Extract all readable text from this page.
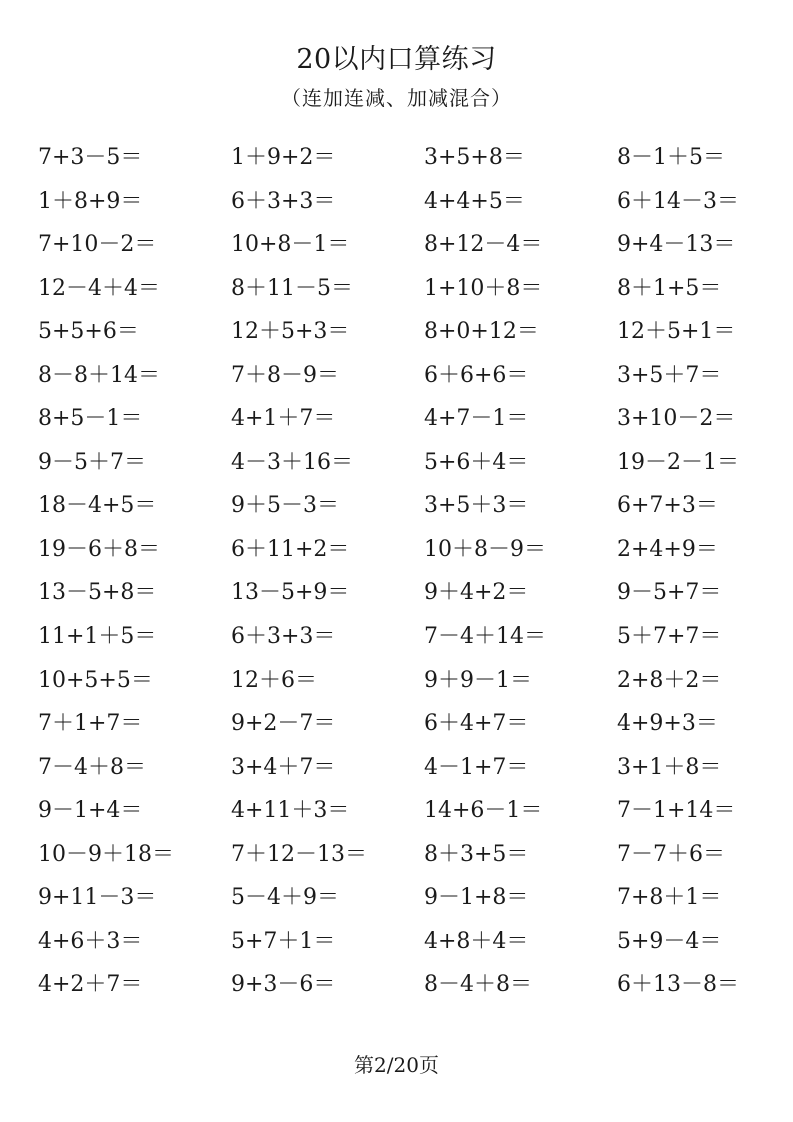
20以内口算练习
（连加连减、加减混合）
7+3－5＝	1＋9+2＝	3+5+8＝	8－1＋5＝
1＋8+9＝	6＋3+3＝	4+4+5＝	6＋14－3＝
7+10－2＝	10+8－1＝	8+12－4＝	9+4－13＝
12－4＋4＝	8＋11－5＝	1+10＋8＝	8＋1+5＝
5+5+6＝	12＋5+3＝	8+0+12＝	12＋5+1＝
8－8＋14＝	7＋8－9＝	6＋6+6＝	3+5＋7＝
8+5－1＝	4+1＋7＝	4+7－1＝	3+10－2＝
9－5＋7＝	4－3＋16＝	5+6＋4＝	19－2－1＝
18－4+5＝	9＋5－3＝	3+5＋3＝	6+7+3＝
19－6＋8＝	6＋11+2＝	10＋8－9＝	2+4+9＝
13－5+8＝	13－5+9＝	9＋4+2＝	9－5+7＝
11+1＋5＝	6＋3+3＝	7－4＋14＝	5＋7+7＝
10+5+5＝	12＋6＝	9＋9－1＝	2+8＋2＝
7＋1+7＝	9+2－7＝	6＋4+7＝	4+9+3＝
7－4＋8＝	3+4＋7＝	4－1+7＝	3+1＋8＝
9－1+4＝	4+11＋3＝	14+6－1＝	7－1+14＝
10－9＋18＝	7＋12－13＝	8＋3+5＝	7－7＋6＝
9+11－3＝	5－4＋9＝	9－1+8＝	7+8＋1＝
4+6＋3＝	5+7＋1＝	4+8＋4＝	5+9－4＝
4+2＋7＝	9+3－6＝	8－4＋8＝	6＋13－8＝
第2/20页
